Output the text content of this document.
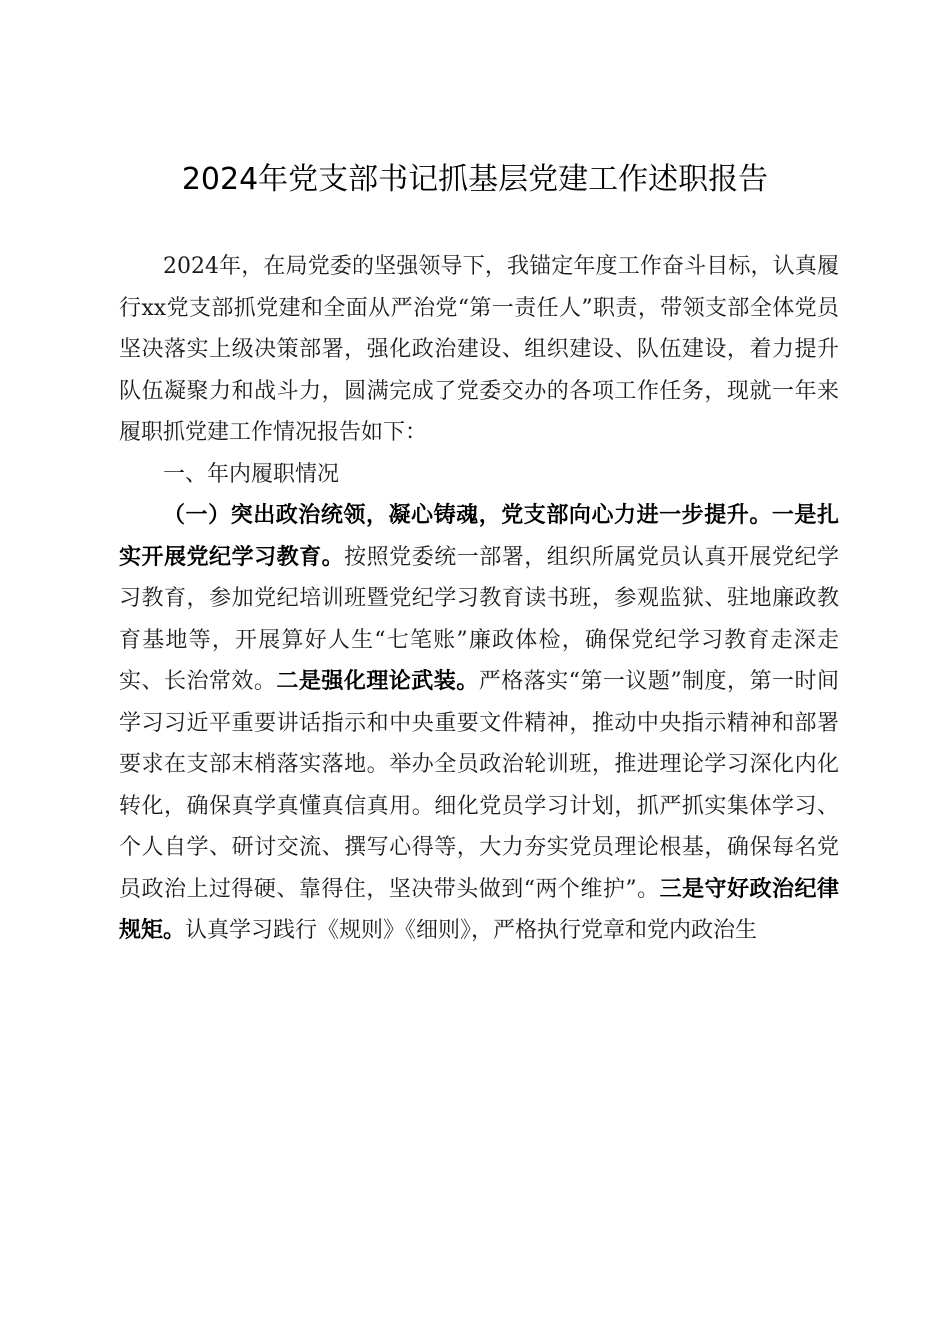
2024年党支部书记抓基层党建工作述职报告

2024年，在局党委的坚强领导下，我锚定年度工作奋斗目标，认真履行xx党支部抓党建和全面从严治党“第一责任人”职责，带领支部全体党员坚决落实上级决策部署，强化政治建设、组织建设、队伍建设，着力提升队伍凝聚力和战斗力，圆满完成了党委交办的各项工作任务，现就一年来履职抓党建工作情况报告如下：

一、年内履职情况

（一）突出政治统领，凝心铸魂，党支部向心力进一步提升。一是扎实开展党纪学习教育。按照党委统一部署，组织所属党员认真开展党纪学习教育，参加党纪培训班暨党纪学习教育读书班，参观监狱、驻地廉政教育基地等，开展算好人生“七笔账”廉政体检，确保党纪学习教育走深走实、长治常效。二是强化理论武装。严格落实“第一议题”制度，第一时间学习习近平重要讲话指示和中央重要文件精神，推动中央指示精神和部署要求在支部末梢落实落地。举办全员政治轮训班，推进理论学习深化内化转化，确保真学真懂真信真用。细化党员学习计划，抓严抓实集体学习、个人自学、研讨交流、撰写心得等，大力夯实党员理论根基，确保每名党员政治上过得硬、靠得住，坚决带头做到“两个维护”。三是守好政治纪律规矩。认真学习践行《规则》《细则》，严格执行党章和党内政治生
